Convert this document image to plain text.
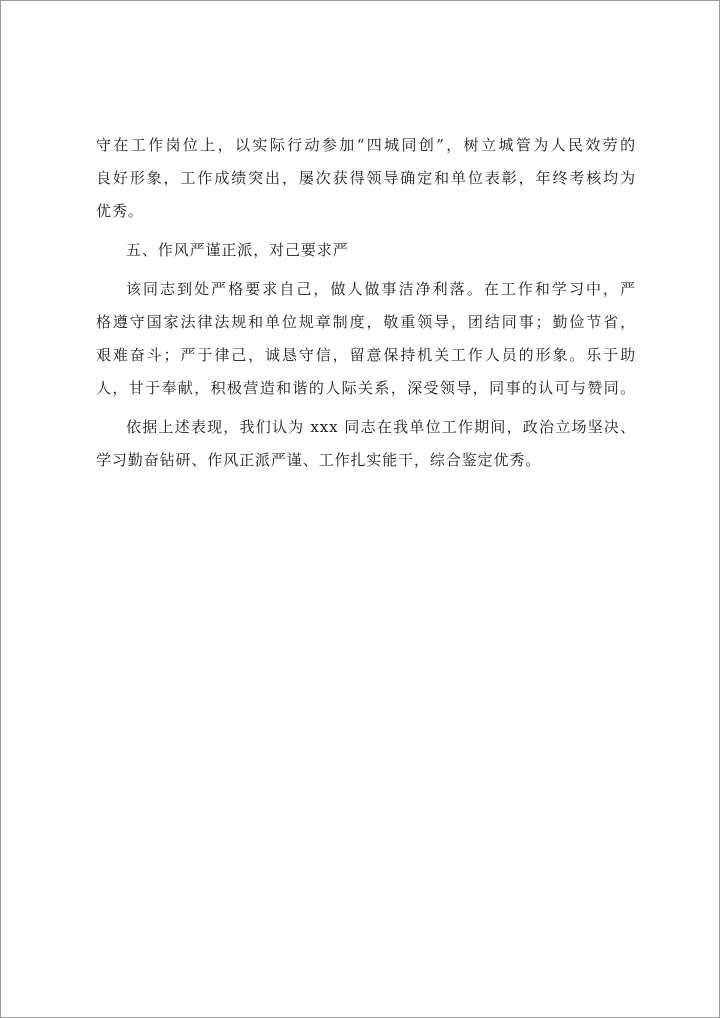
守在工作岗位上，以实际行动参加“四城同创”，树立城管为人民效劳的
良好形象，工作成绩突出，屡次获得领导确定和单位表彰，年终考核均为
优秀。
五、作风严谨正派，对己要求严
该同志到处严格要求自己，做人做事洁净利落。在工作和学习中，严
格遵守国家法律法规和单位规章制度，敬重领导，团结同事；勤俭节省，
艰难奋斗；严于律己，诚恳守信，留意保持机关工作人员的形象。乐于助
人，甘于奉献，积极营造和谐的人际关系，深受领导，同事的认可与赞同。
依据上述表现，我们认为 xxx 同志在我单位工作期间，政治立场坚决、
学习勤奋钻研、作风正派严谨、工作扎实能干，综合鉴定优秀。
